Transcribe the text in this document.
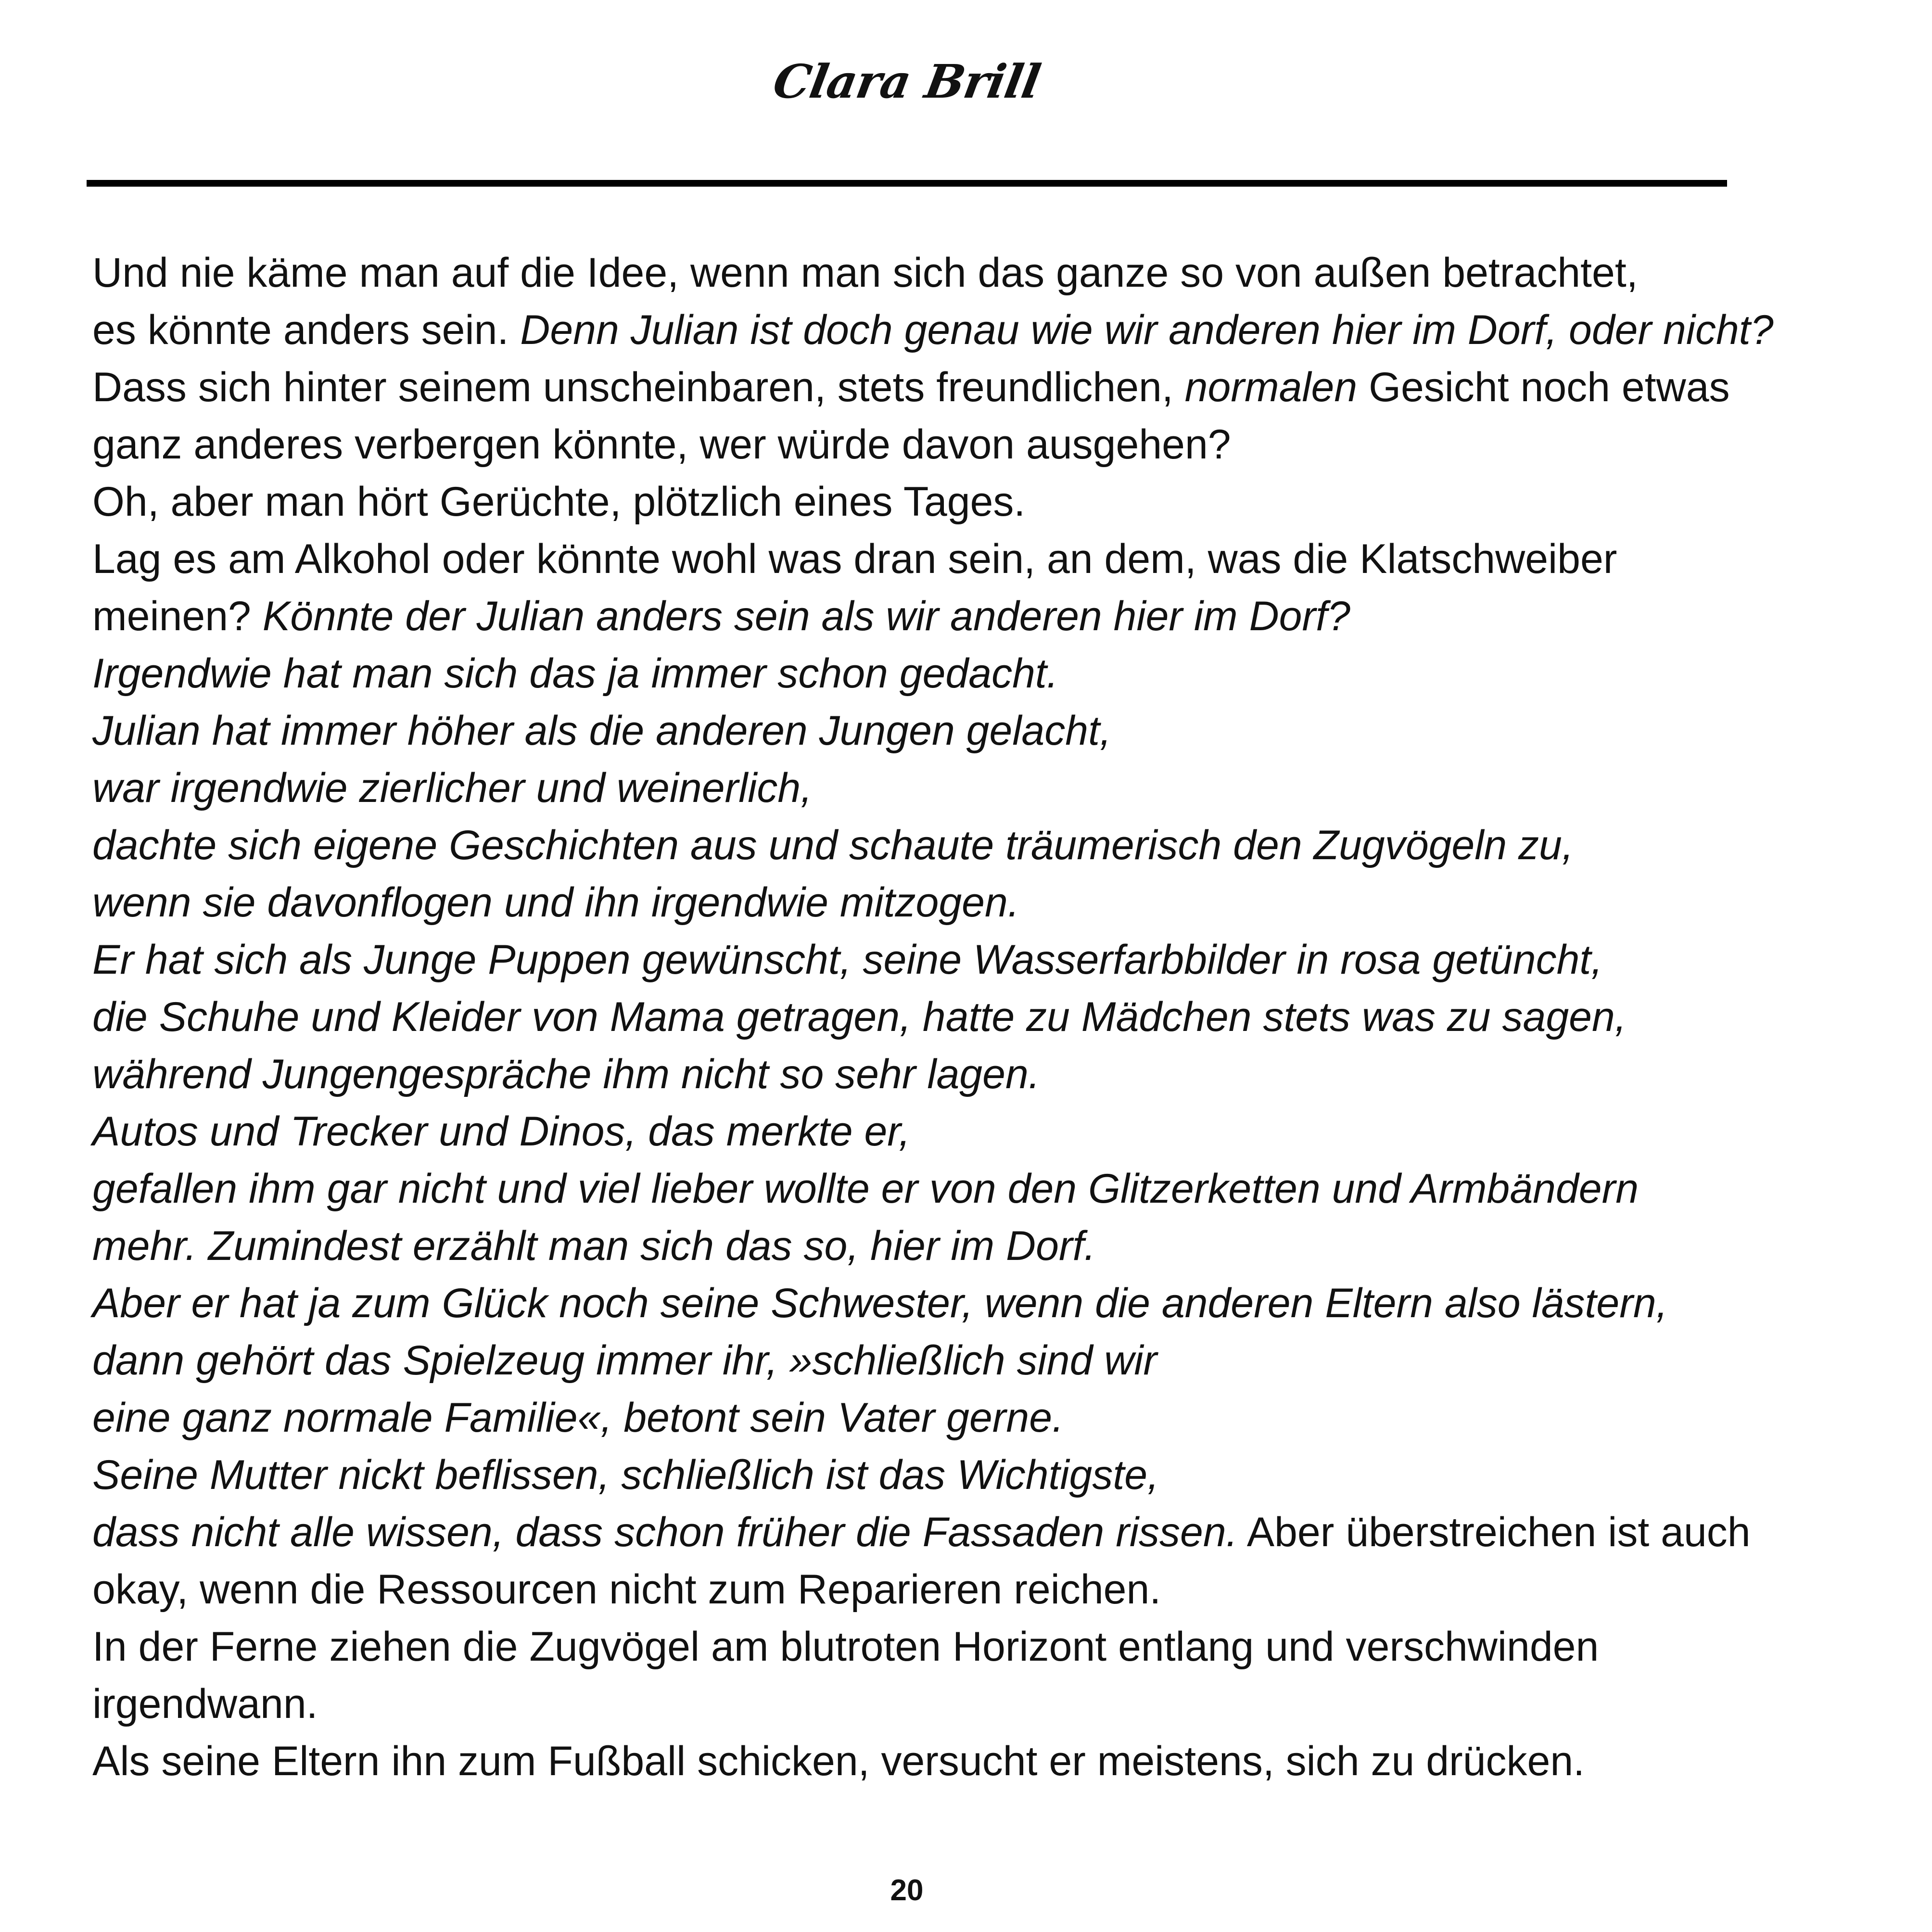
Clara Brill
Und nie käme man auf die Idee, wenn man sich das ganze so von außen betrachtet,
es könnte anders sein. Denn Julian ist doch genau wie wir anderen hier im Dorf, oder nicht?
Dass sich hinter seinem unscheinbaren, stets freundlichen, normalen Gesicht noch etwas
ganz anderes verbergen könnte, wer würde davon ausgehen?
Oh, aber man hört Gerüchte, plötzlich eines Tages.
Lag es am Alkohol oder könnte wohl was dran sein, an dem, was die Klatschweiber
meinen? Könnte der Julian anders sein als wir anderen hier im Dorf?
Irgendwie hat man sich das ja immer schon gedacht.
Julian hat immer höher als die anderen Jungen gelacht,
war irgendwie zierlicher und weinerlich,
dachte sich eigene Geschichten aus und schaute träumerisch den Zugvögeln zu,
wenn sie davonflogen und ihn irgendwie mitzogen.
Er hat sich als Junge Puppen gewünscht, seine Wasserfarbbilder in rosa getüncht,
die Schuhe und Kleider von Mama getragen, hatte zu Mädchen stets was zu sagen,
während Jungengespräche ihm nicht so sehr lagen.
Autos und Trecker und Dinos, das merkte er,
gefallen ihm gar nicht und viel lieber wollte er von den Glitzerketten und Armbändern
mehr. Zumindest erzählt man sich das so, hier im Dorf.
Aber er hat ja zum Glück noch seine Schwester, wenn die anderen Eltern also lästern,
dann gehört das Spielzeug immer ihr, »schließlich sind wir
eine ganz normale Familie«, betont sein Vater gerne.
Seine Mutter nickt beflissen, schließlich ist das Wichtigste,
dass nicht alle wissen, dass schon früher die Fassaden rissen. Aber überstreichen ist auch
okay, wenn die Ressourcen nicht zum Reparieren reichen.
In der Ferne ziehen die Zugvögel am blutroten Horizont entlang und verschwinden
irgendwann.
Als seine Eltern ihn zum Fußball schicken, versucht er meistens, sich zu drücken.
20
